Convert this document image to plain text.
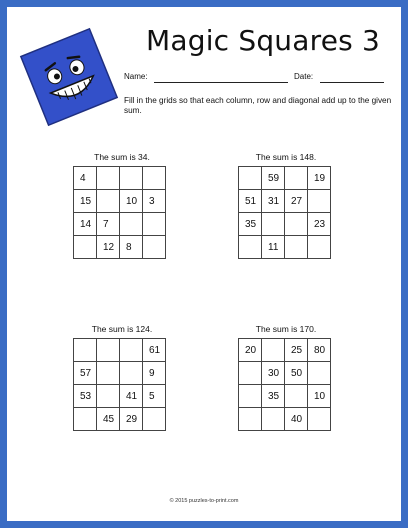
Magic Squares 3
Name:	Date:
Fill in the grids so that each column, row and diagonal add up to the given sum.
The sum is 34.
4			
15		10	3
14	7		
	12	8	
The sum is 148.
	59		19
51	31	27	
35			23
	11		
The sum is 124.
			61
57			9
53		41	5
	45	29	
The sum is 170.
20		25	80
	30	50	
	35		10
		40	
© 2015 puzzles-to-print.com
